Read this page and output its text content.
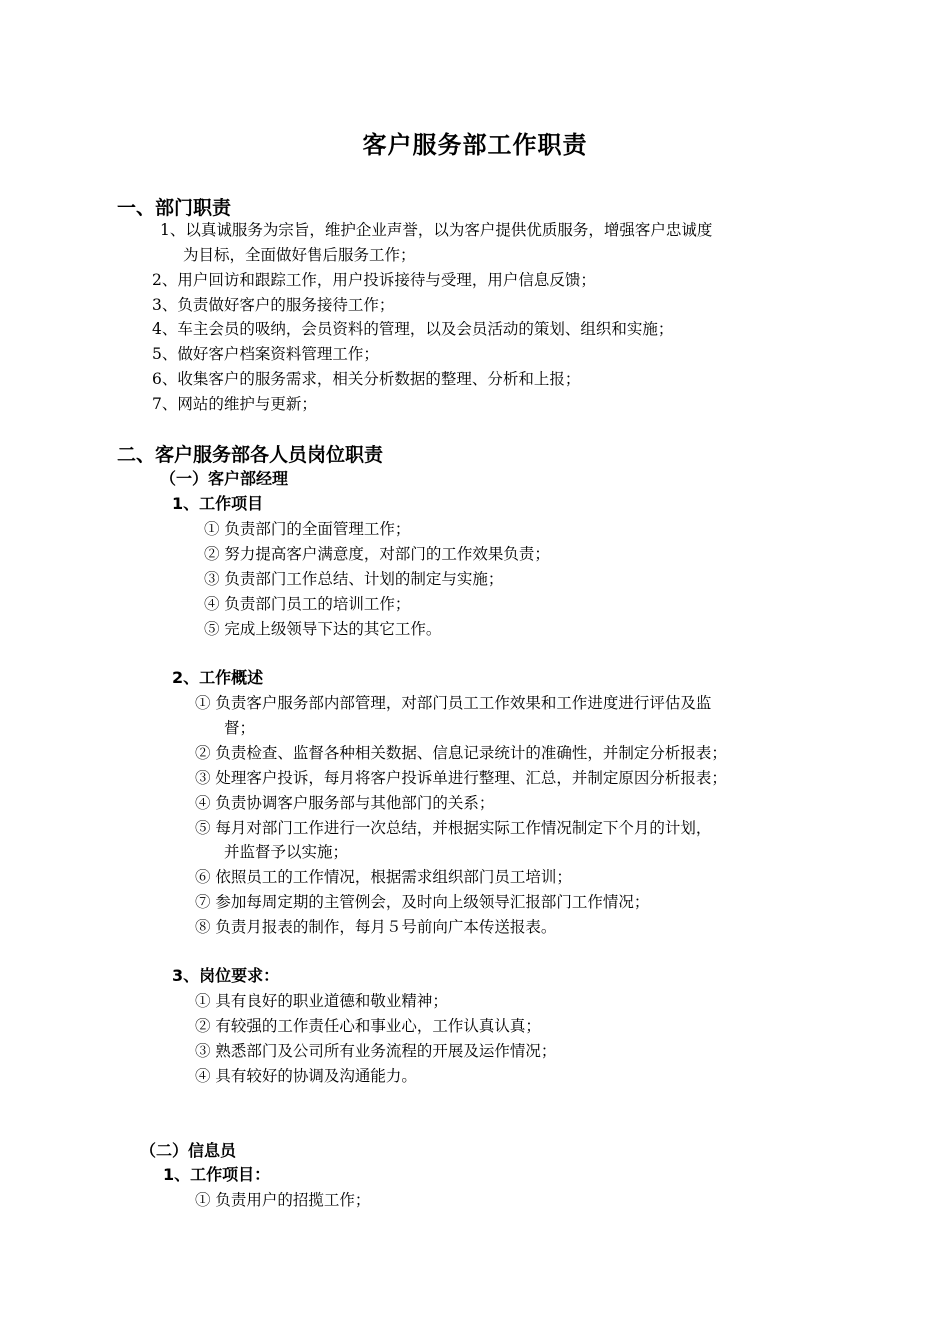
客户服务部工作职责
一、部门职责
1、以真诚服务为宗旨，维护企业声誉，以为客户提供优质服务，增强客户忠诚度
为目标，全面做好售后服务工作；
2、用户回访和跟踪工作，用户投诉接待与受理，用户信息反馈；
3、负责做好客户的服务接待工作；
4、车主会员的吸纳，会员资料的管理，以及会员活动的策划、组织和实施；
5、做好客户档案资料管理工作；
6、收集客户的服务需求，相关分析数据的整理、分析和上报；
7、网站的维护与更新；
二、客户服务部各人员岗位职责
（一）客户部经理
1、工作项目
① 负责部门的全面管理工作；
② 努力提高客户满意度，对部门的工作效果负责；
③ 负责部门工作总结、计划的制定与实施；
④ 负责部门员工的培训工作；
⑤ 完成上级领导下达的其它工作。
2、工作概述
① 负责客户服务部内部管理，对部门员工工作效果和工作进度进行评估及监
督；
② 负责检查、监督各种相关数据、信息记录统计的准确性，并制定分析报表；
③ 处理客户投诉，每月将客户投诉单进行整理、汇总，并制定原因分析报表；
④ 负责协调客户服务部与其他部门的关系；
⑤ 每月对部门工作进行一次总结，并根据实际工作情况制定下个月的计划，
并监督予以实施；
⑥ 依照员工的工作情况，根据需求组织部门员工培训；
⑦ 参加每周定期的主管例会，及时向上级领导汇报部门工作情况；
⑧ 负责月报表的制作，每月５号前向广本传送报表。
3、岗位要求：
① 具有良好的职业道德和敬业精神；
② 有较强的工作责任心和事业心，工作认真认真；
③ 熟悉部门及公司所有业务流程的开展及运作情况；
④ 具有较好的协调及沟通能力。
（二）信息员
1、工作项目：
① 负责用户的招揽工作；
